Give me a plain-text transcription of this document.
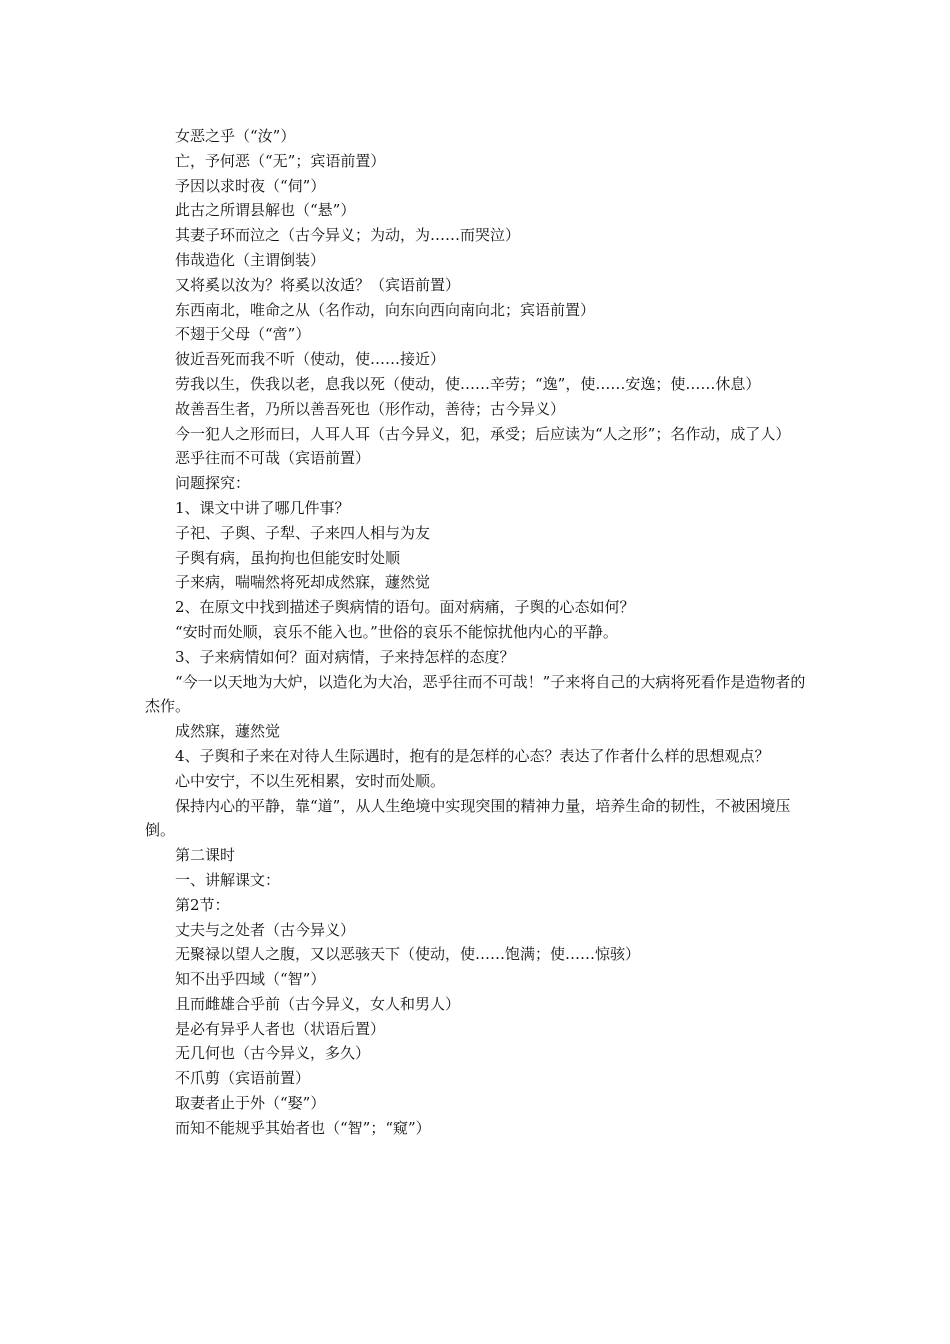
女恶之乎（“汝”）

亡，予何恶（“无”；宾语前置）

予因以求时夜（“伺”）

此古之所谓县解也（“悬”）

其妻子环而泣之（古今异义；为动，为……而哭泣）

伟哉造化（主谓倒装）

又将奚以汝为？将奚以汝适？（宾语前置）

东西南北，唯命之从（名作动，向东向西向南向北；宾语前置）

不翅于父母（“啻”）

彼近吾死而我不听（使动，使……接近）

劳我以生，佚我以老，息我以死（使动，使……辛劳；“逸”，使……安逸；使……休息）

故善吾生者，乃所以善吾死也（形作动，善待；古今异义）

今一犯人之形而曰，人耳人耳（古今异义，犯，承受；后应读为“人之形”；名作动，成了人）

恶乎往而不可哉（宾语前置）

问题探究：

1、课文中讲了哪几件事？

子祀、子舆、子犁、子来四人相与为友

子舆有病，虽拘拘也但能安时处顺

子来病，喘喘然将死却成然寐，蘧然觉

2、在原文中找到描述子舆病情的语句。面对病痛，子舆的心态如何？

“安时而处顺，哀乐不能入也。”世俗的哀乐不能惊扰他内心的平静。

3、子来病情如何？面对病情，子来持怎样的态度？

“今一以天地为大炉，以造化为大冶，恶乎往而不可哉！”子来将自己的大病将死看作是造物者的杰作。

成然寐，蘧然觉

4、子舆和子来在对待人生际遇时，抱有的是怎样的心态？表达了作者什么样的思想观点？

心中安宁，不以生死相累，安时而处顺。

保持内心的平静，靠“道”，从人生绝境中实现突围的精神力量，培养生命的韧性，不被困境压倒。

第二课时

一、讲解课文：

第2节：

丈夫与之处者（古今异义）

无聚禄以望人之腹，又以恶骇天下（使动，使……饱满；使……惊骇）

知不出乎四域（“智”）

且而雌雄合乎前（古今异义，女人和男人）

是必有异乎人者也（状语后置）

无几何也（古今异义，多久）

不爪剪（宾语前置）

取妻者止于外（“娶”）

而知不能规乎其始者也（“智”；“窥”）
